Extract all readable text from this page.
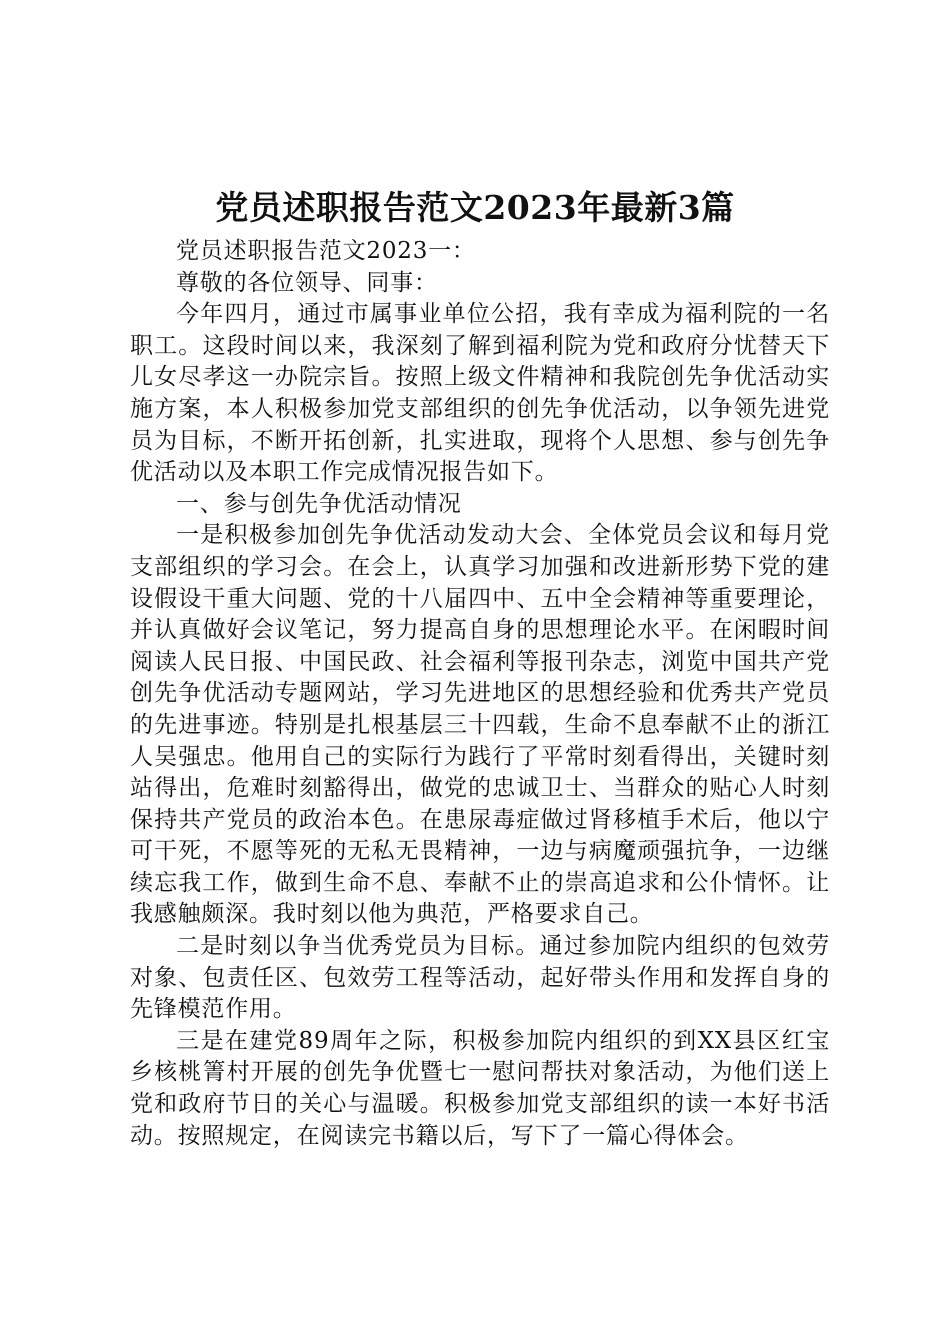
党员述职报告范文2023年最新3篇

党员述职报告范文2023一：

尊敬的各位领导、同事：

今年四月，通过市属事业单位公招，我有幸成为福利院的一名职工。这段时间以来，我深刻了解到福利院为党和政府分忧替天下儿女尽孝这一办院宗旨。按照上级文件精神和我院创先争优活动实施方案，本人积极参加党支部组织的创先争优活动，以争领先进党员为目标，不断开拓创新，扎实进取，现将个人思想、参与创先争优活动以及本职工作完成情况报告如下。

一、参与创先争优活动情况

一是积极参加创先争优活动发动大会、全体党员会议和每月党支部组织的学习会。在会上，认真学习加强和改进新形势下党的建设假设干重大问题、党的十八届四中、五中全会精神等重要理论，并认真做好会议笔记，努力提高自身的思想理论水平。在闲暇时间阅读人民日报、中国民政、社会福利等报刊杂志，浏览中国共产党创先争优活动专题网站，学习先进地区的思想经验和优秀共产党员的先进事迹。特别是扎根基层三十四载，生命不息奉献不止的浙江人吴强忠。他用自己的实际行为践行了平常时刻看得出，关键时刻站得出，危难时刻豁得出，做党的忠诚卫士、当群众的贴心人时刻保持共产党员的政治本色。在患尿毒症做过肾移植手术后，他以宁可干死，不愿等死的无私无畏精神，一边与病魔顽强抗争，一边继续忘我工作，做到生命不息、奉献不止的崇高追求和公仆情怀。让我感触颇深。我时刻以他为典范，严格要求自己。

二是时刻以争当优秀党员为目标。通过参加院内组织的包效劳对象、包责任区、包效劳工程等活动，起好带头作用和发挥自身的先锋模范作用。

三是在建党89周年之际，积极参加院内组织的到XX县区红宝乡核桃箐村开展的创先争优暨七一慰问帮扶对象活动，为他们送上党和政府节日的关心与温暖。积极参加党支部组织的读一本好书活动。按照规定，在阅读完书籍以后，写下了一篇心得体会。
